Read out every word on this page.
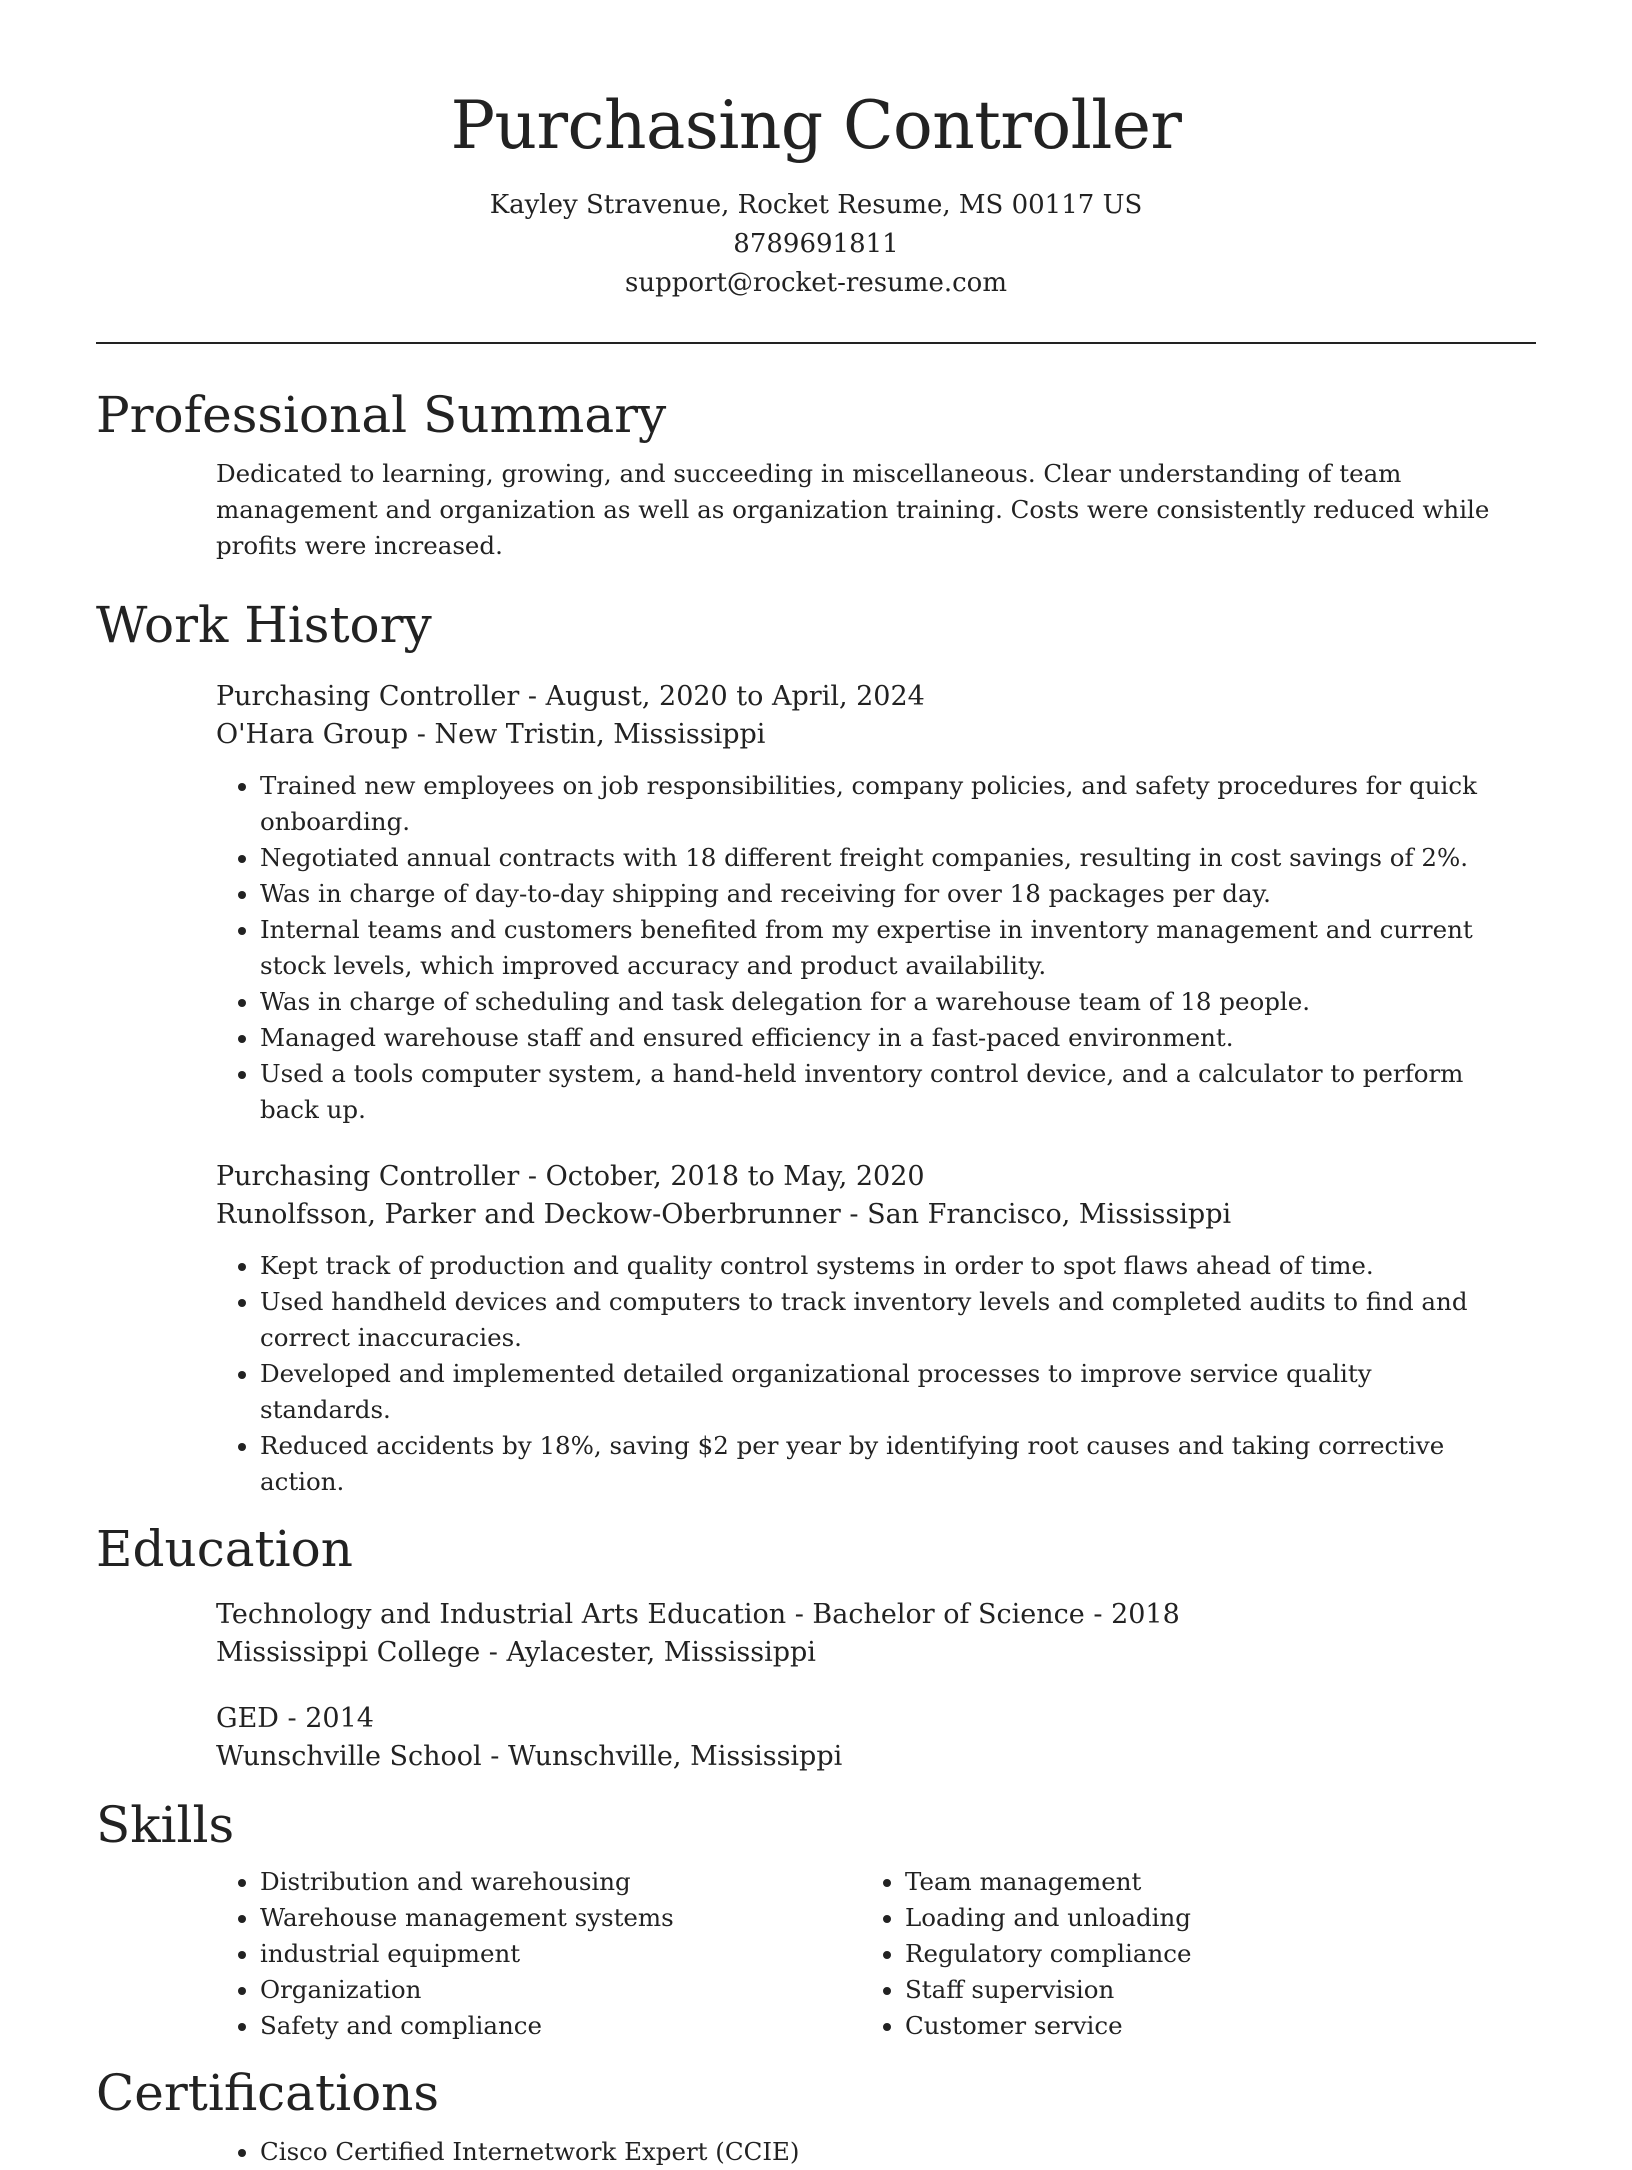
Purchasing Controller
Kayley Stravenue, Rocket Resume, MS 00117 US
8789691811
support@rocket-resume.com
Professional Summary
Dedicated to learning, growing, and succeeding in miscellaneous. Clear understanding of team management and organization as well as organization training. Costs were consistently reduced while profits were increased.
Work History
Purchasing Controller - August, 2020 to April, 2024
O'Hara Group - New Tristin, Mississippi
• Trained new employees on job responsibilities, company policies, and safety procedures for quick onboarding.
• Negotiated annual contracts with 18 different freight companies, resulting in cost savings of 2%.
• Was in charge of day-to-day shipping and receiving for over 18 packages per day.
• Internal teams and customers benefited from my expertise in inventory management and current stock levels, which improved accuracy and product availability.
• Was in charge of scheduling and task delegation for a warehouse team of 18 people.
• Managed warehouse staff and ensured efficiency in a fast-paced environment.
• Used a tools computer system, a hand-held inventory control device, and a calculator to perform back up.
Purchasing Controller - October, 2018 to May, 2020
Runolfsson, Parker and Deckow-Oberbrunner - San Francisco, Mississippi
• Kept track of production and quality control systems in order to spot flaws ahead of time.
• Used handheld devices and computers to track inventory levels and completed audits to find and correct inaccuracies.
• Developed and implemented detailed organizational processes to improve service quality standards.
• Reduced accidents by 18%, saving $2 per year by identifying root causes and taking corrective action.
Education
Technology and Industrial Arts Education - Bachelor of Science - 2018
Mississippi College - Aylacester, Mississippi
GED - 2014
Wunschville School - Wunschville, Mississippi
Skills
• Distribution and warehousing
• Warehouse management systems
• industrial equipment
• Organization
• Safety and compliance
• Team management
• Loading and unloading
• Regulatory compliance
• Staff supervision
• Customer service
Certifications
• Cisco Certified Internetwork Expert (CCIE)
